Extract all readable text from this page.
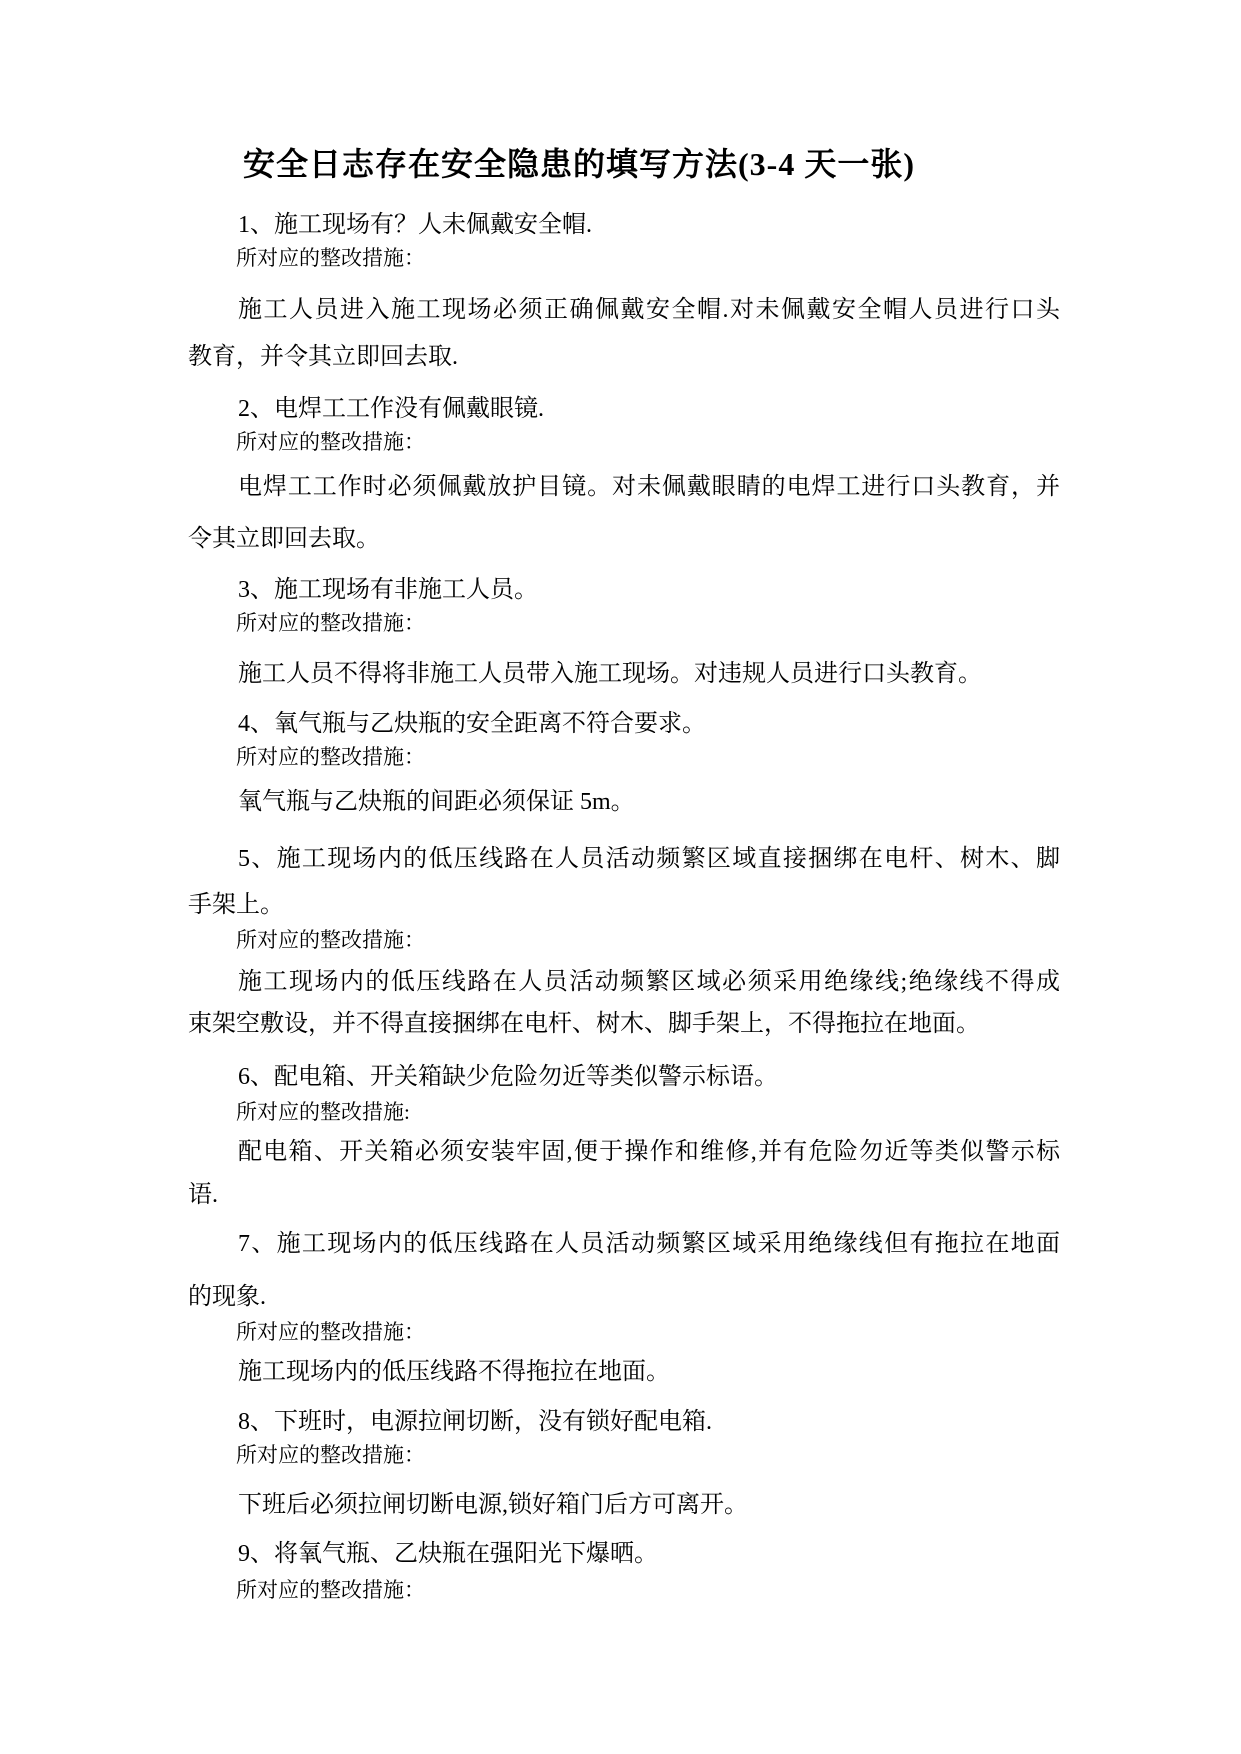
安全日志存在安全隐患的填写方法(3-4 天一张)

1、施工现场有？人未佩戴安全帽.

所对应的整改措施：

施工人员进入施工现场必须正确佩戴安全帽.对未佩戴安全帽人员进行口头

教育，并令其立即回去取.

2、电焊工工作没有佩戴眼镜.

所对应的整改措施：

电焊工工作时必须佩戴放护目镜。对未佩戴眼睛的电焊工进行口头教育，并

令其立即回去取。

3、施工现场有非施工人员。

所对应的整改措施：

施工人员不得将非施工人员带入施工现场。对违规人员进行口头教育。

4、氧气瓶与乙炔瓶的安全距离不符合要求。

所对应的整改措施：

氧气瓶与乙炔瓶的间距必须保证 5m。

5、施工现场内的低压线路在人员活动频繁区域直接捆绑在电杆、树木、脚

手架上。

所对应的整改措施：

施工现场内的低压线路在人员活动频繁区域必须采用绝缘线;绝缘线不得成

束架空敷设，并不得直接捆绑在电杆、树木、脚手架上，不得拖拉在地面。

6、配电箱、开关箱缺少危险勿近等类似警示标语。

所对应的整改措施:

配电箱、开关箱必须安装牢固,便于操作和维修,并有危险勿近等类似警示标

语.

7、施工现场内的低压线路在人员活动频繁区域采用绝缘线但有拖拉在地面

的现象.

所对应的整改措施：

施工现场内的低压线路不得拖拉在地面。

8、下班时，电源拉闸切断，没有锁好配电箱.

所对应的整改措施：

下班后必须拉闸切断电源,锁好箱门后方可离开。

9、将氧气瓶、乙炔瓶在强阳光下爆晒。

所对应的整改措施：
